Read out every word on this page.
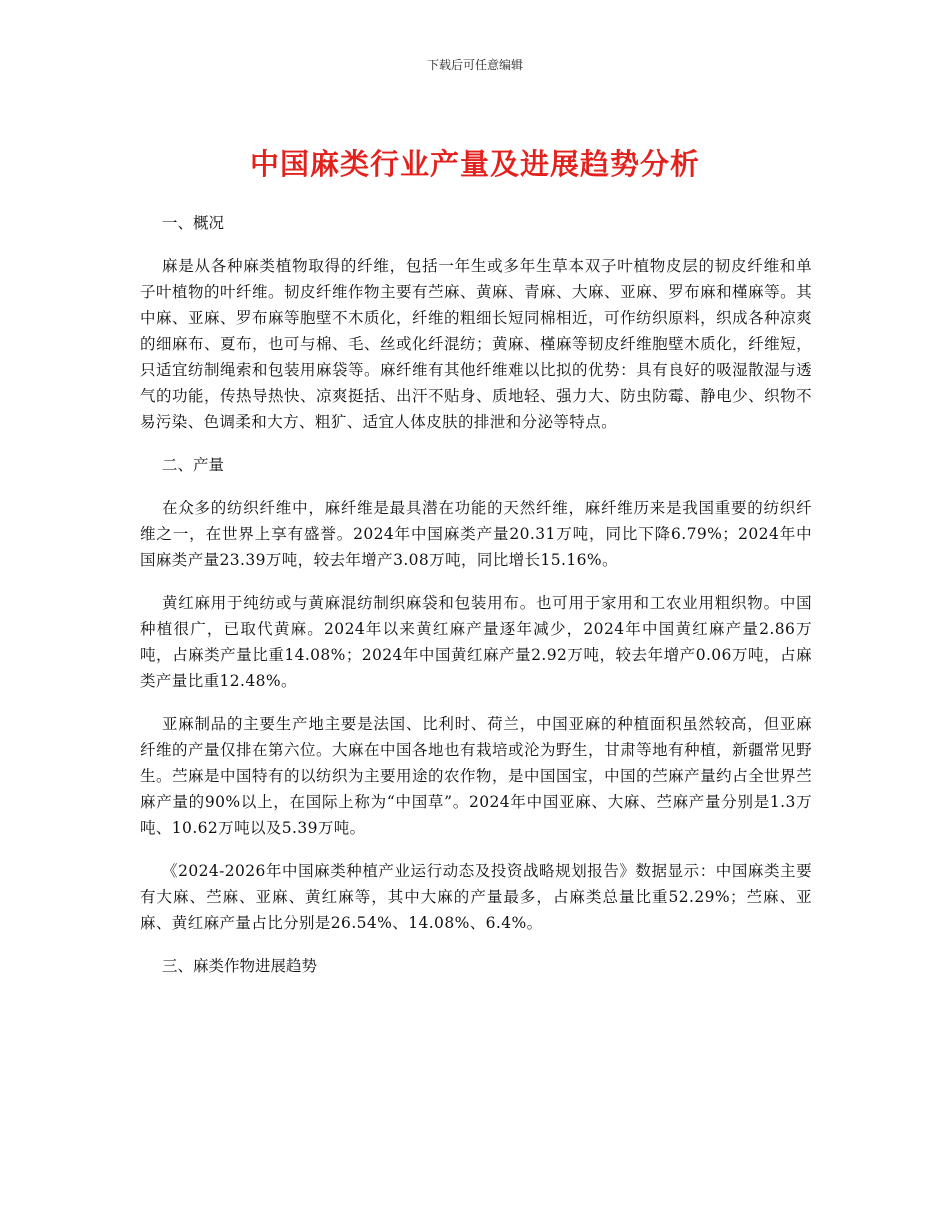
下载后可任意编辑
中国麻类行业产量及进展趋势分析
一、概况

麻是从各种麻类植物取得的纤维，包括一年生或多年生草本双子叶植物皮层的韧皮纤维和单子叶植物的叶纤维。韧皮纤维作物主要有苎麻、黄麻、青麻、大麻、亚麻、罗布麻和槿麻等。其中麻、亚麻、罗布麻等胞壁不木质化，纤维的粗细长短同棉相近，可作纺织原料，织成各种凉爽的细麻布、夏布，也可与棉、毛、丝或化纤混纺；黄麻、槿麻等韧皮纤维胞壁木质化，纤维短，只适宜纺制绳索和包装用麻袋等。麻纤维有其他纤维难以比拟的优势：具有良好的吸湿散湿与透气的功能，传热导热快、凉爽挺括、出汗不贴身、质地轻、强力大、防虫防霉、静电少、织物不易污染、色调柔和大方、粗犷、适宜人体皮肤的排泄和分泌等特点。

二、产量

在众多的纺织纤维中，麻纤维是最具潜在功能的天然纤维，麻纤维历来是我国重要的纺织纤维之一，在世界上享有盛誉。2024年中国麻类产量20.31万吨，同比下降6.79%；2024年中国麻类产量23.39万吨，较去年增产3.08万吨，同比增长15.16%。

黄红麻用于纯纺或与黄麻混纺制织麻袋和包装用布。也可用于家用和工农业用粗织物。中国种植很广，已取代黄麻。2024年以来黄红麻产量逐年减少，2024年中国黄红麻产量2.86万吨，占麻类产量比重14.08%；2024年中国黄红麻产量2.92万吨，较去年增产0.06万吨，占麻类产量比重12.48%。

亚麻制品的主要生产地主要是法国、比利时、荷兰，中国亚麻的种植面积虽然较高，但亚麻纤维的产量仅排在第六位。大麻在中国各地也有栽培或沦为野生，甘肃等地有种植，新疆常见野生。苎麻是中国特有的以纺织为主要用途的农作物，是中国国宝，中国的苎麻产量约占全世界苎麻产量的90%以上，在国际上称为“中国草”。2024年中国亚麻、大麻、苎麻产量分别是1.3万吨、10.62万吨以及5.39万吨。

《2024-2026年中国麻类种植产业运行动态及投资战略规划报告》数据显示：中国麻类主要有大麻、苎麻、亚麻、黄红麻等，其中大麻的产量最多，占麻类总量比重52.29%；苎麻、亚麻、黄红麻产量占比分别是26.54%、14.08%、6.4%。

三、麻类作物进展趋势
